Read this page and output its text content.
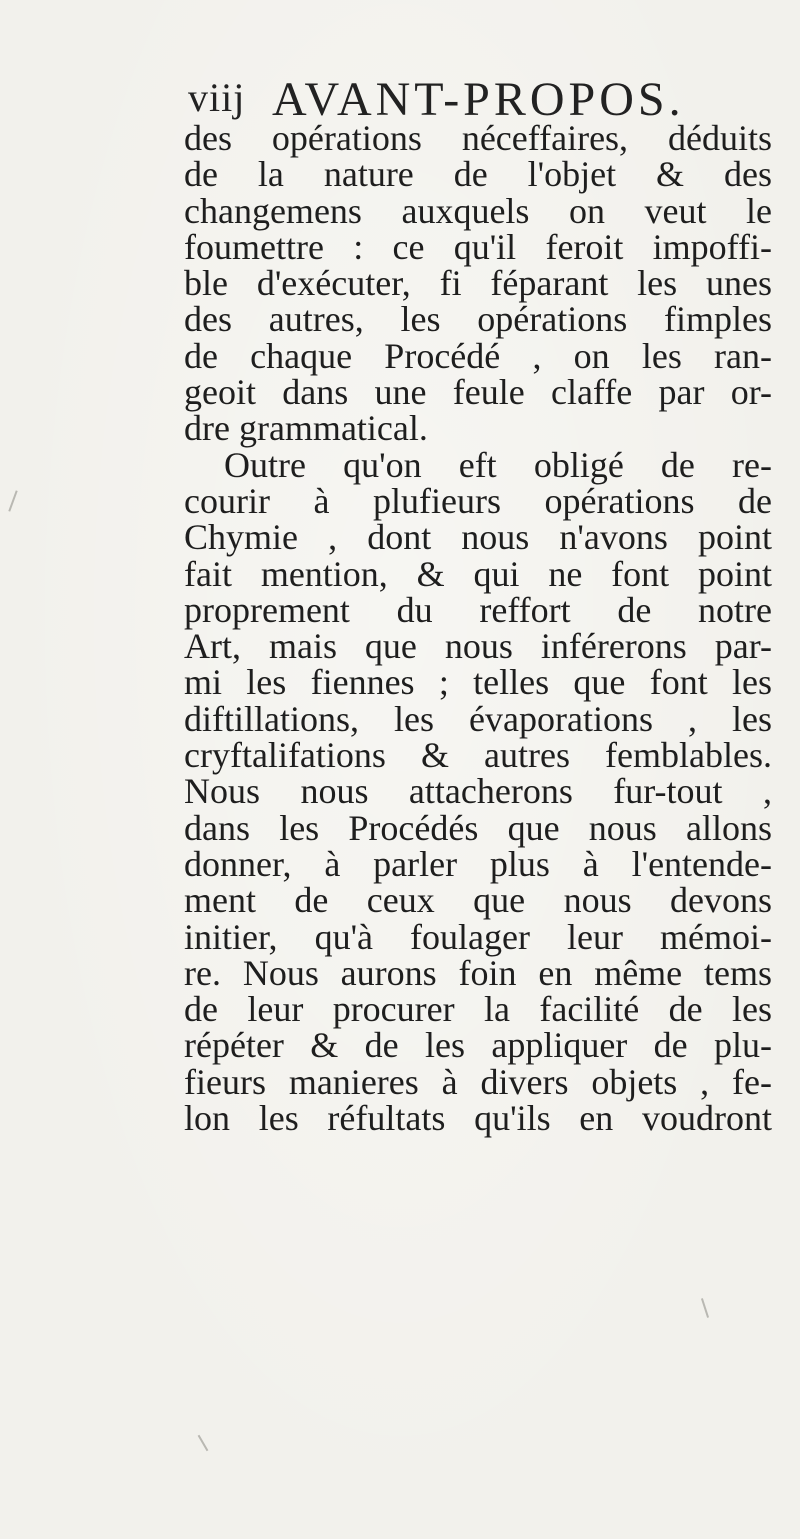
viij AVANT-PROPOS.
des opérations néceffaires, déduits
de la nature de l'objet & des
changemens auxquels on veut le
foumettre : ce qu'il feroit impoffi-
ble d'exécuter, fi féparant les unes
des autres, les opérations fimples
de chaque Procédé , on les ran-
geoit dans une feule claffe par or-
dre grammatical.
Outre qu'on eft obligé de re-
courir à plufieurs opérations de
Chymie , dont nous n'avons point
fait mention, & qui ne font point
proprement du reffort de notre
Art, mais que nous inférerons par-
mi les fiennes ; telles que font les
diftillations, les évaporations , les
cryftalifations & autres femblables.
Nous nous attacherons fur-tout ,
dans les Procédés que nous allons
donner, à parler plus à l'entende-
ment de ceux que nous devons
initier, qu'à foulager leur mémoi-
re. Nous aurons foin en même tems
de leur procurer la facilité de les
répéter & de les appliquer de plu-
fieurs manieres à divers objets , fe-
lon les réfultats qu'ils en voudront
